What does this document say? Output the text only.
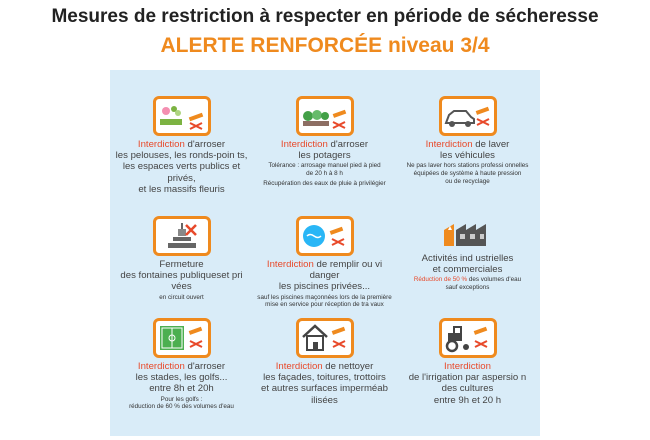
Mesures de restriction à respecter en période de sécheresse
ALERTE RENFORCÉE niveau 3/4
Interdiction d'arroser
les pelouses, les ronds-poin ts,
les espaces verts publics et privés,
et les massifs fleuris
Interdiction d'arroser
les potagers
Tolérance : arrosage manuel pied à pied
de 20 h à 8 h
Récupération des eaux de pluie à privilégier
Interdiction de laver
les véhicules
Ne pas laver hors stations professi onnelles
équipées de système à haute pression
ou de recyclage
Fermeture
des fontaines publiqueset pri vées
en circuit ouvert
Interdiction de remplir ou vi danger
les piscines privées...
sauf les piscines maçonnées lors de la première
mise en service pour réception de tra vaux
Activités ind ustrielles
et commerciales
Réduction de 50 % des volumes d'eau
sauf exceptions
Interdiction d'arroser
les stades, les golfs...
entre 8h et 20h
Pour les golfs :
réduction de 60 % des volumes d'eau
Interdiction de nettoyer
les façades, toitures, trottoirs
et autres surfaces imperméab ilisées
Interdiction
de l'irrigation par aspersio n
des cultures
entre 9h et 20 h
